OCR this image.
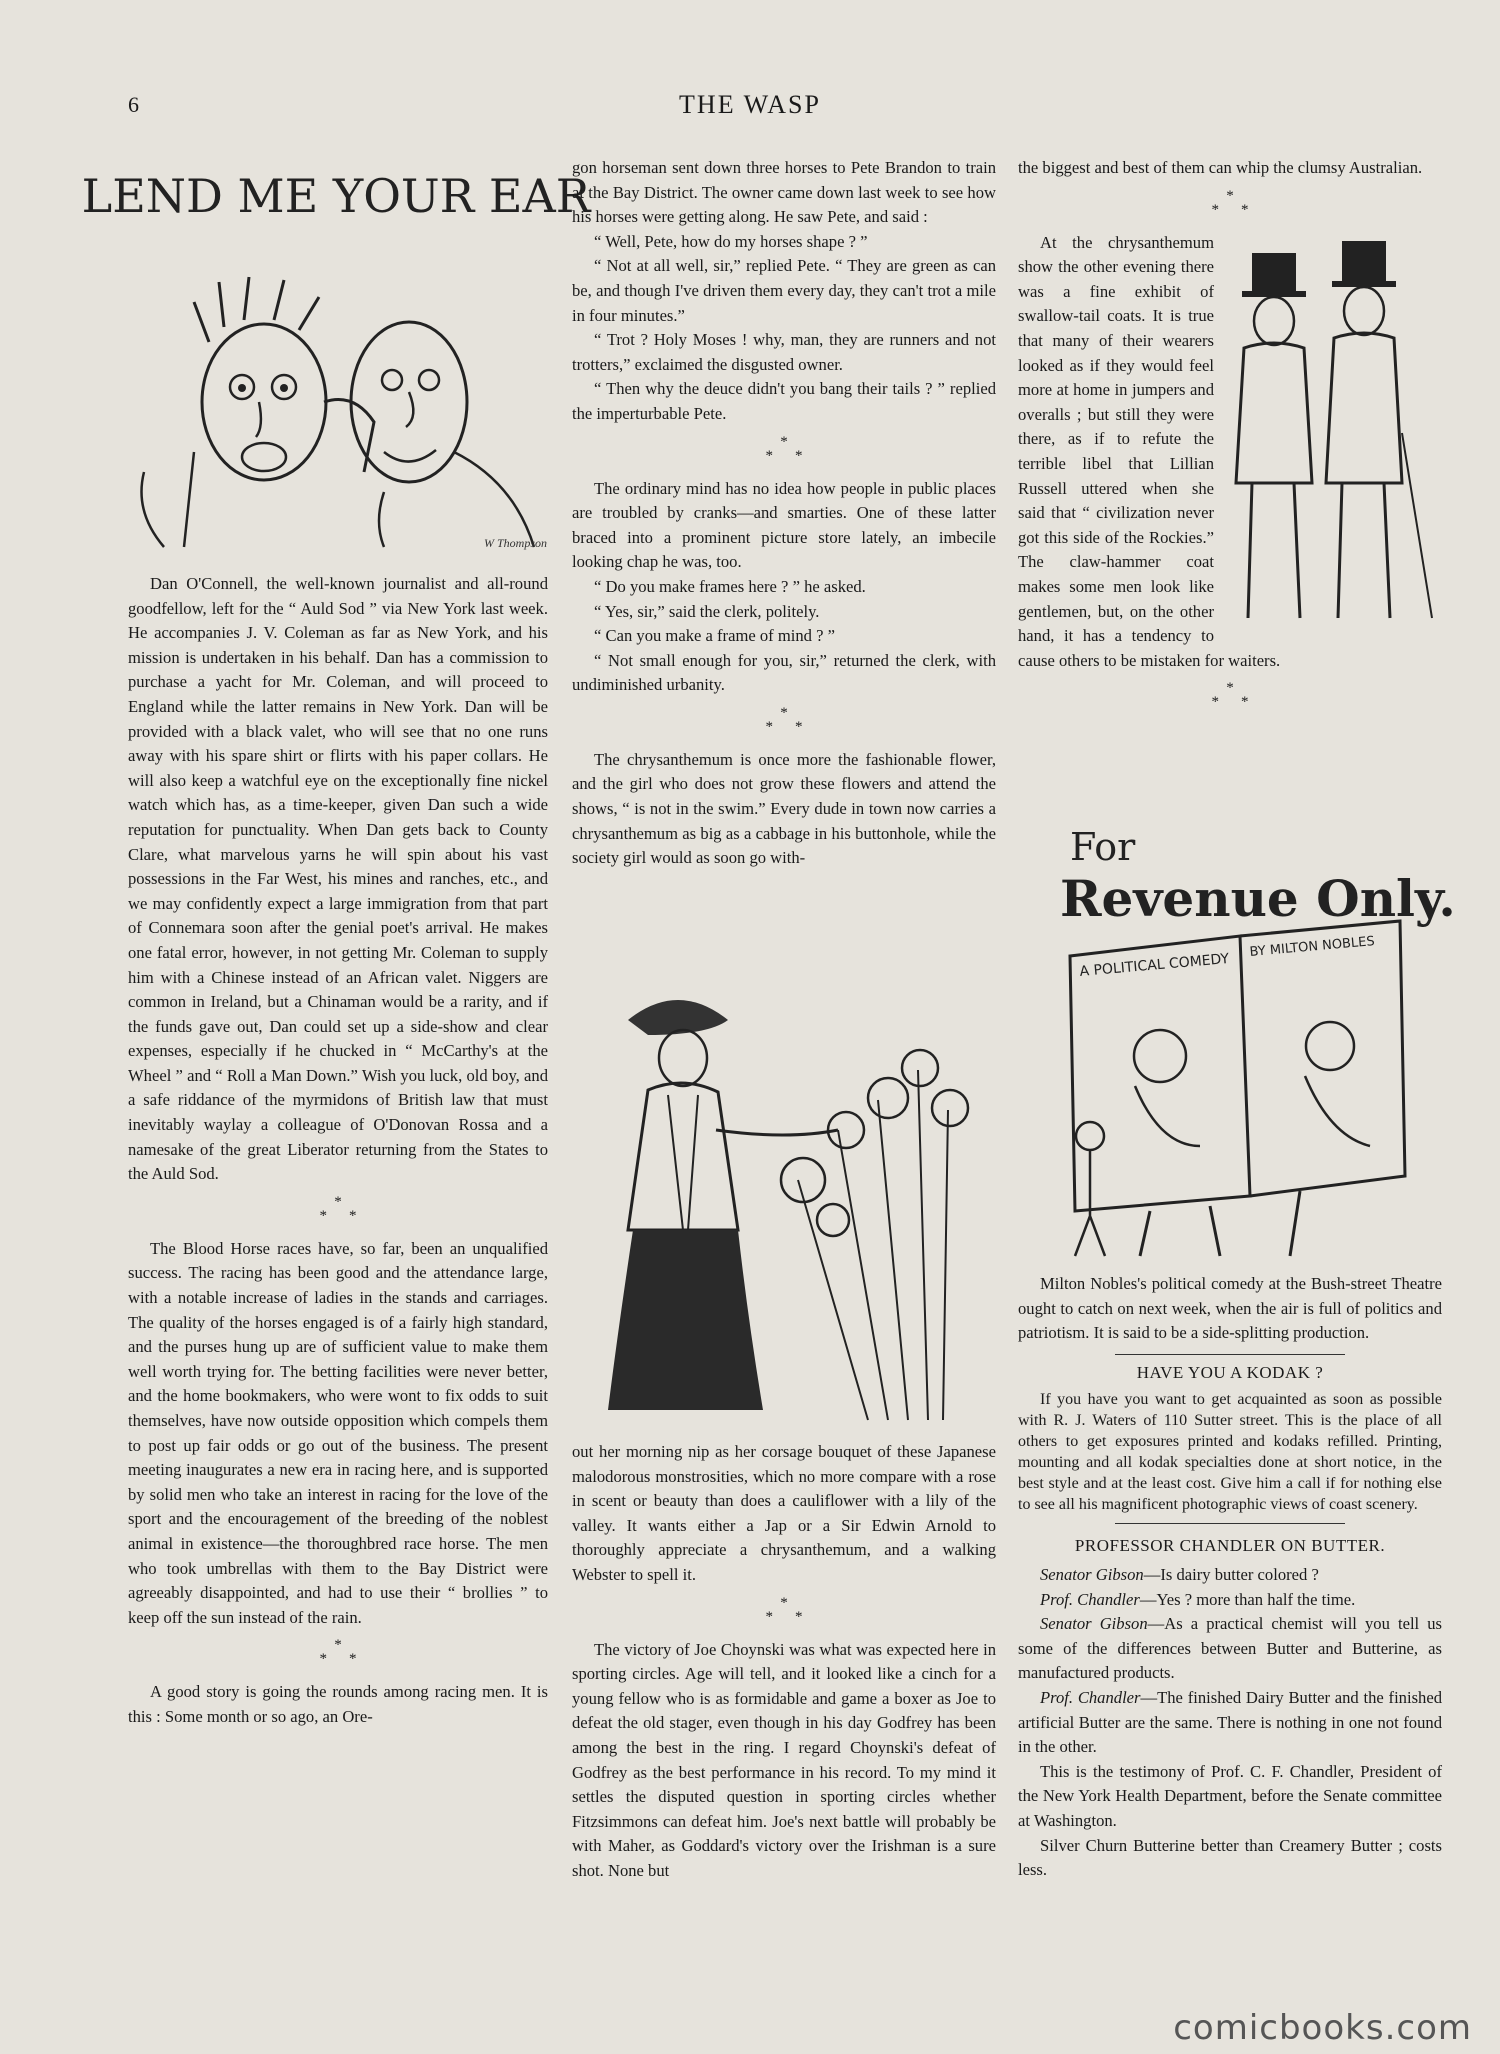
6	THE WASP
LEND ME YOUR EAR
W Thompson

Dan O'Connell, the well-known journalist and all-round goodfellow, left for the “ Auld Sod ” via New York last week. He accompanies J. V. Coleman as far as New York, and his mission is undertaken in his behalf. Dan has a commission to purchase a yacht for Mr. Coleman, and will proceed to England while the latter remains in New York. Dan will be provided with a black valet, who will see that no one runs away with his spare shirt or flirts with his paper collars. He will also keep a watchful eye on the exceptionally fine nickel watch which has, as a time-keeper, given Dan such a wide reputation for punctuality. When Dan gets back to County Clare, what marvelous yarns he will spin about his vast possessions in the Far West, his mines and ranches, etc., and we may confidently expect a large immigration from that part of Connemara soon after the genial poet's arrival. He makes one fatal error, however, in not getting Mr. Coleman to supply him with a Chinese instead of an African valet. Niggers are common in Ireland, but a Chinaman would be a rarity, and if the funds gave out, Dan could set up a side-show and clear expenses, especially if he chucked in “ McCarthy's at the Wheel ” and “ Roll a Man Down.” Wish you luck, old boy, and a safe riddance of the myrmidons of British law that must inevitably waylay a colleague of O'Donovan Rossa and a namesake of the great Liberator returning from the States to the Auld Sod.

*
**

The Blood Horse races have, so far, been an unqualified success. The racing has been good and the attendance large, with a notable increase of ladies in the stands and carriages. The quality of the horses engaged is of a fairly high standard, and the purses hung up are of sufficient value to make them well worth trying for. The betting facilities were never better, and the home bookmakers, who were wont to fix odds to suit themselves, have now outside opposition which compels them to post up fair odds or go out of the business. The present meeting inaugurates a new era in racing here, and is supported by solid men who take an interest in racing for the love of the sport and the encouragement of the breeding of the noblest animal in existence—the thoroughbred race horse. The men who took umbrellas with them to the Bay District were agreeably disappointed, and had to use their “ brollies ” to keep off the sun instead of the rain.

*
**

A good story is going the rounds among racing men. It is this : Some month or so ago, an Ore-

gon horseman sent down three horses to Pete Brandon to train at the Bay District. The owner came down last week to see how his horses were getting along. He saw Pete, and said :

“ Well, Pete, how do my horses shape ? ”

“ Not at all well, sir,” replied Pete. “ They are green as can be, and though I've driven them every day, they can't trot a mile in four minutes.”

“ Trot ? Holy Moses ! why, man, they are runners and not trotters,” exclaimed the disgusted owner.

“ Then why the deuce didn't you bang their tails ? ” replied the imperturbable Pete.

*
**

The ordinary mind has no idea how people in public places are troubled by cranks—and smarties. One of these latter braced into a prominent picture store lately, an imbecile looking chap he was, too.

“ Do you make frames here ? ” he asked.

“ Yes, sir,” said the clerk, politely.

“ Can you make a frame of mind ? ”

“ Not small enough for you, sir,” returned the clerk, with undiminished urbanity.

*
**

The chrysanthemum is once more the fashionable flower, and the girl who does not grow these flowers and attend the shows, “ is not in the swim.” Every dude in town now carries a chrysanthemum as big as a cabbage in his buttonhole, while the society girl would as soon go with-

out her morning nip as her corsage bouquet of these Japanese malodorous monstrosities, which no more compare with a rose in scent or beauty than does a cauliflower with a lily of the valley. It wants either a Jap or a Sir Edwin Arnold to thoroughly appreciate a chrysanthemum, and a walking Webster to spell it.

*
**

The victory of Joe Choynski was what was expected here in sporting circles. Age will tell, and it looked like a cinch for a young fellow who is as formidable and game a boxer as Joe to defeat the old stager, even though in his day Godfrey has been among the best in the ring. I regard Choynski's defeat of Godfrey as the best performance in his record. To my mind it settles the disputed question in sporting circles whether Fitzsimmons can defeat him. Joe's next battle will probably be with Maher, as Goddard's victory over the Irishman is a sure shot. None but

the biggest and best of them can whip the clumsy Australian.

*
**

At the chrysanthemum show the other evening there was a fine exhibit of swallow-tail coats. It is true that many of their wearers looked as if they would feel more at home in jumpers and overalls ; but still they were there, as if to refute the terrible libel that Lillian Russell uttered when she said that “ civilization never got this side of the Rockies.” The claw-hammer coat makes some men look like gentlemen, but, on the other hand, it has a tendency to cause others to be mistaken for waiters.

*
**
For
Revenue Only.
A POLITICAL COMEDY
BY MILTON NOBLES

Milton Nobles's political comedy at the Bush-street Theatre ought to catch on next week, when the air is full of politics and patriotism. It is said to be a side-splitting production.

HAVE YOU A KODAK ?

If you have you want to get acquainted as soon as possible with R. J. Waters of 110 Sutter street. This is the place of all others to get exposures printed and kodaks refilled. Printing, mounting and all kodak specialties done at short notice, in the best style and at the least cost. Give him a call if for nothing else to see all his magnificent photographic views of coast scenery.

PROFESSOR CHANDLER ON BUTTER.

Senator Gibson—Is dairy butter colored ?

Prof. Chandler—Yes ? more than half the time.

Senator Gibson—As a practical chemist will you tell us some of the differences between Butter and Butterine, as manufactured products.

Prof. Chandler—The finished Dairy Butter and the finished artificial Butter are the same. There is nothing in one not found in the other.

This is the testimony of Prof. C. F. Chandler, President of the New York Health Department, before the Senate committee at Washington.

Silver Churn Butterine better than Creamery Butter ; costs less.

comicbooks.com
